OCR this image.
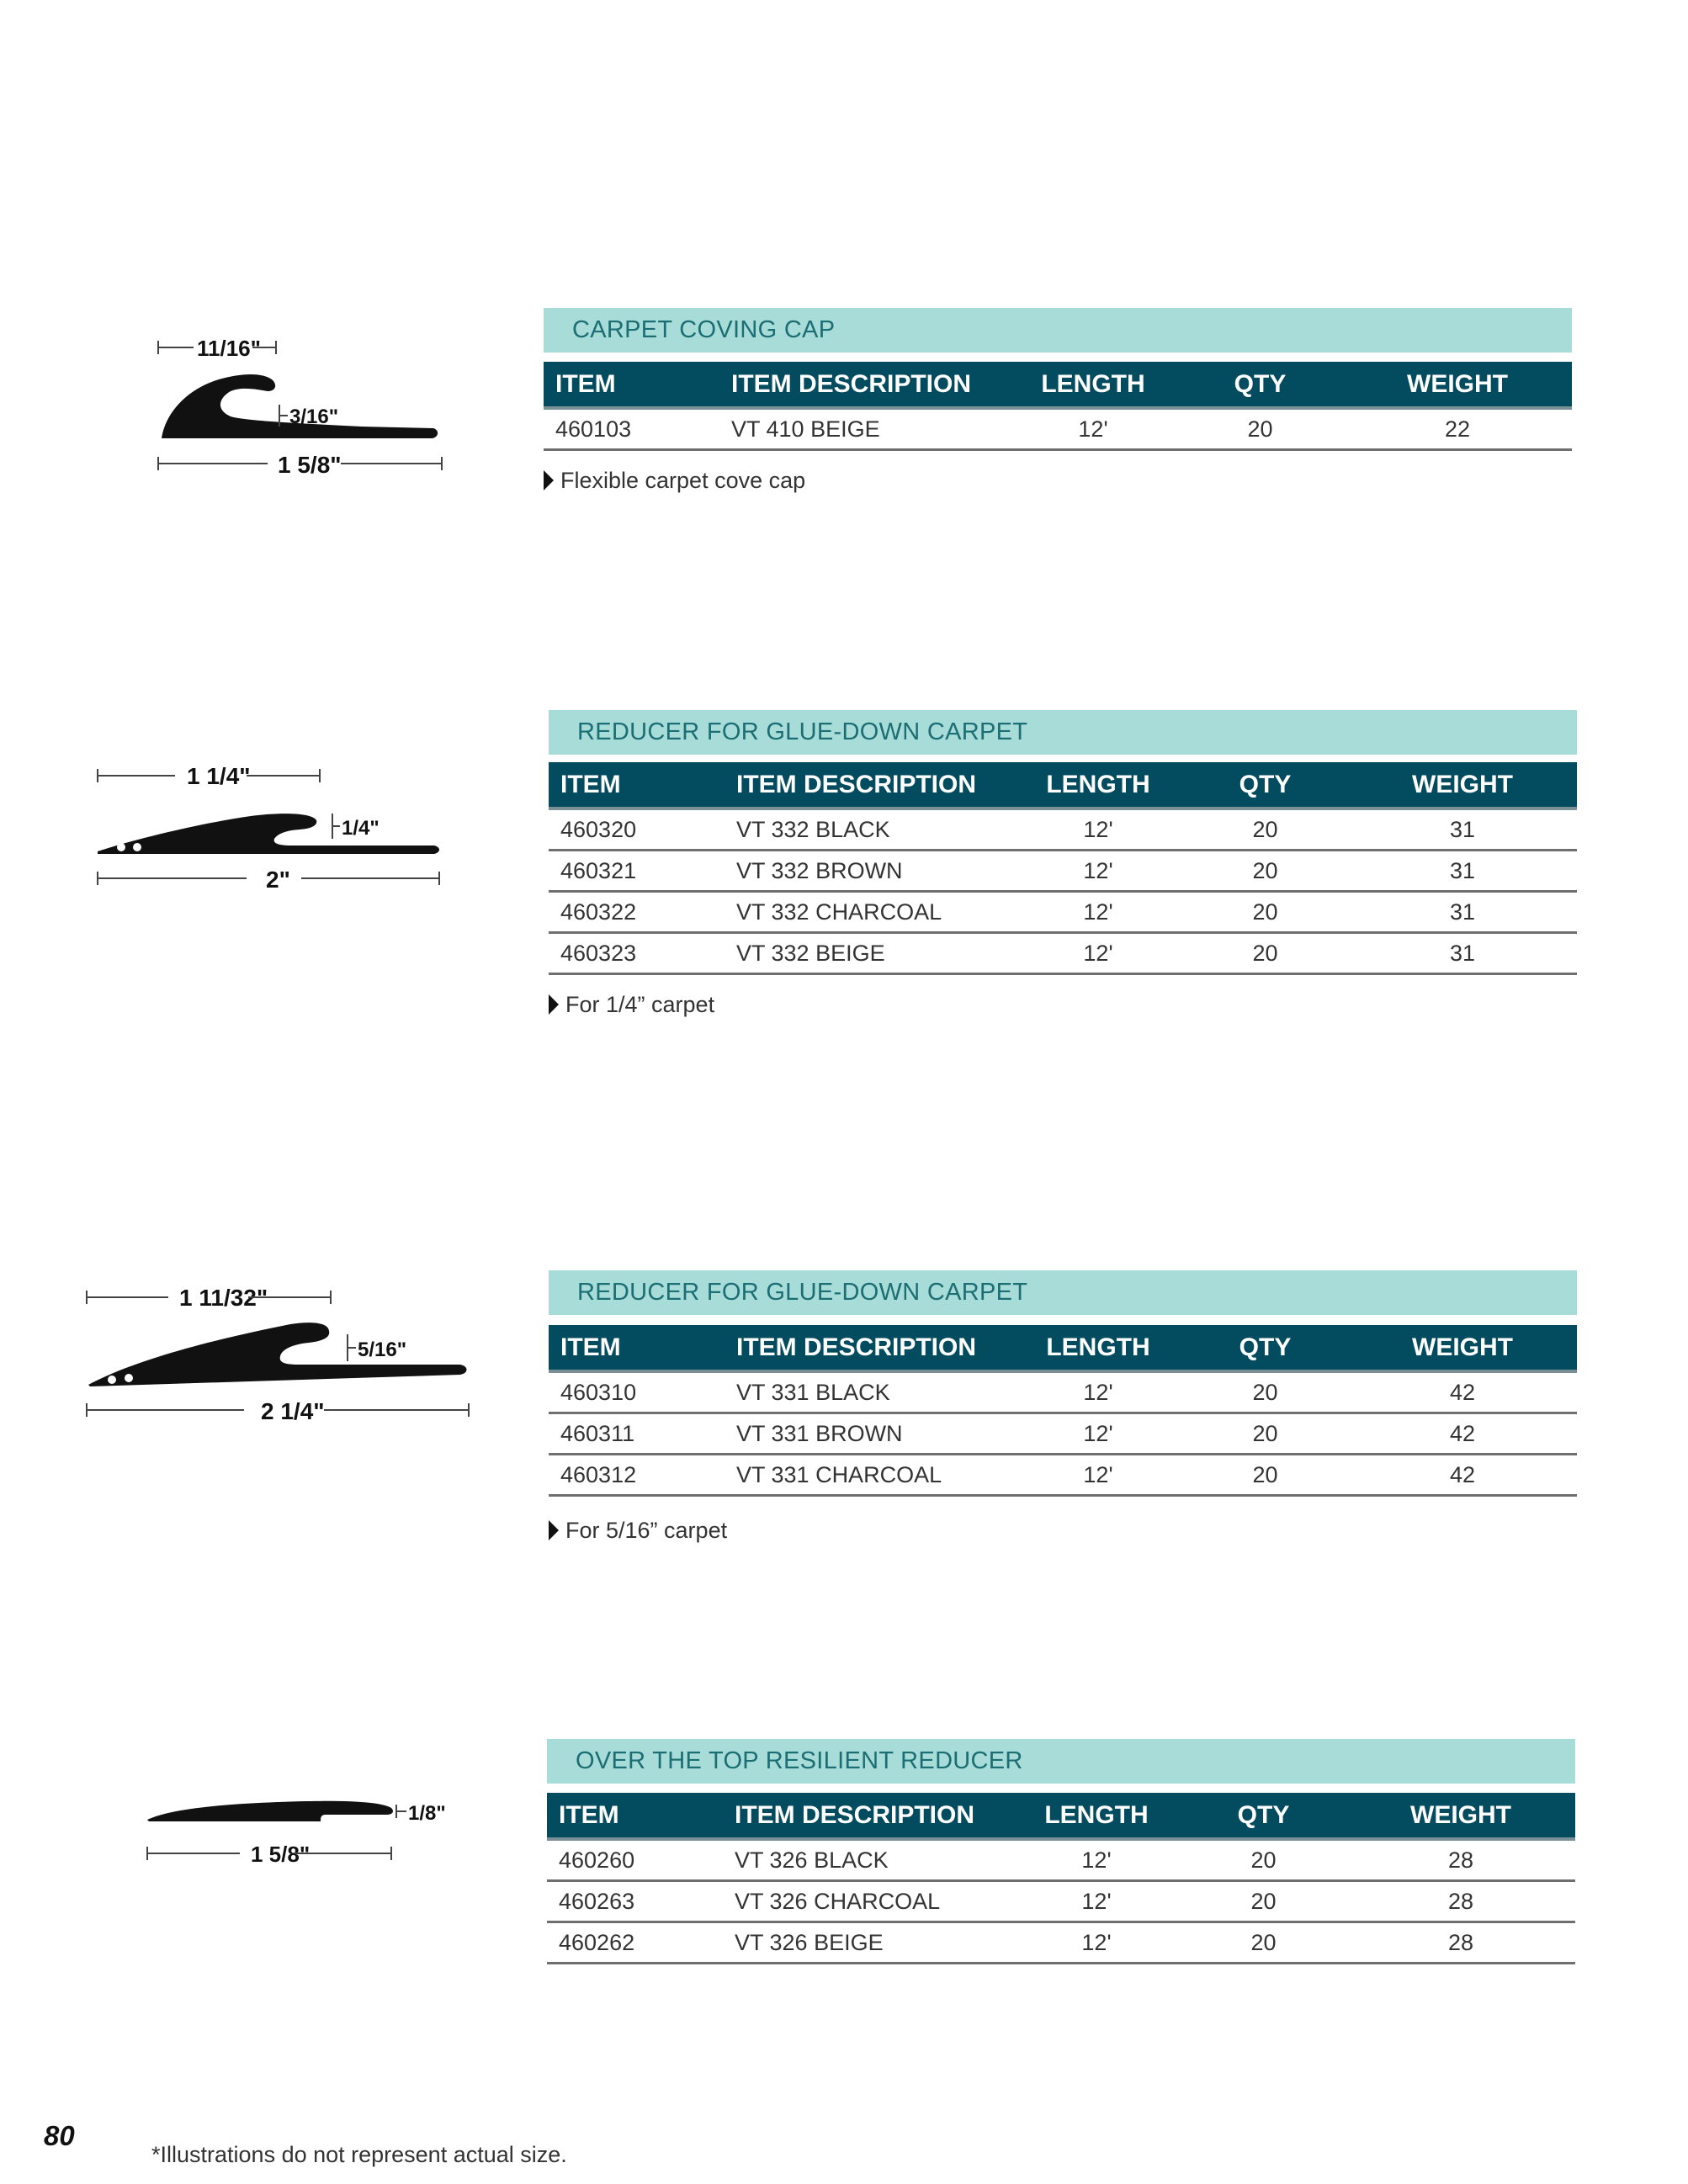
CARPET COVING CAP
ITEM	ITEM DESCRIPTION	LENGTH	QTY	WEIGHT
460103	VT 410 BEIGE	12'	20	22
Flexible carpet cove cap
11/16"
3/16"
1 5/8"
REDUCER FOR GLUE-DOWN CARPET
ITEM	ITEM DESCRIPTION	LENGTH	QTY	WEIGHT
460320	VT 332 BLACK	12'	20	31
460321	VT 332 BROWN	12'	20	31
460322	VT 332 CHARCOAL	12'	20	31
460323	VT 332 BEIGE	12'	20	31
For 1/4” carpet
1 1/4"
1/4"
2"
REDUCER FOR GLUE-DOWN CARPET
ITEM	ITEM DESCRIPTION	LENGTH	QTY	WEIGHT
460310	VT 331 BLACK	12'	20	42
460311	VT 331 BROWN	12'	20	42
460312	VT 331 CHARCOAL	12'	20	42
For 5/16” carpet
1 11/32"
5/16"
2 1/4"
OVER THE TOP RESILIENT REDUCER
ITEM	ITEM DESCRIPTION	LENGTH	QTY	WEIGHT
460260	VT 326 BLACK	12'	20	28
460263	VT 326 CHARCOAL	12'	20	28
460262	VT 326 BEIGE	12'	20	28
1/8"
1 5/8"
80
*Illustrations do not represent actual size.
